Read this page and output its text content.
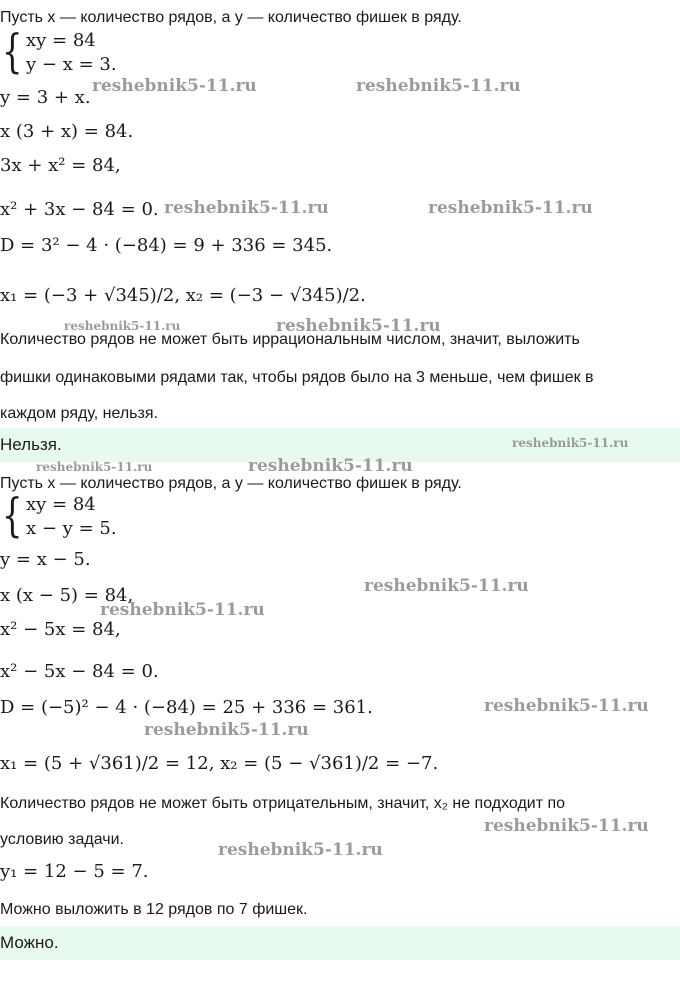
Пусть x — количество рядов, а y — количество фишек в ряду.
{ xy = 84
y − x = 3.
y = 3 + x.
x (3 + x) = 84.
3x + x² = 84,
x² + 3x − 84 = 0.
D = 3² − 4 · (−84) = 9 + 336 = 345.
x₁ = (−3 + √345)/2, x₂ = (−3 − √345)/2.
Количество рядов не может быть иррациональным числом, значит, выложить
фишки одинаковыми рядами так, чтобы рядов было на 3 меньше, чем фишек в
каждом ряду, нельзя.
Нельзя.
Пусть x — количество рядов, а y — количество фишек в ряду.
{ xy = 84
x − y = 5.
y = x − 5.
x (x − 5) = 84,
x² − 5x = 84,
x² − 5x − 84 = 0.
D = (−5)² − 4 · (−84) = 25 + 336 = 361.
x₁ = (5 + √361)/2 = 12, x₂ = (5 − √361)/2 = −7.
Количество рядов не может быть отрицательным, значит, x₂ не подходит по
условию задачи.
y₁ = 12 − 5 = 7.
Можно выложить в 12 рядов по 7 фишек.
Можно.
reshebnik5-11.ru	reshebnik5-11.ru
reshebnik5-11.ru	reshebnik5-11.ru
reshebnik5-11.ru	reshebnik5-11.ru
reshebnik5-11.ru
reshebnik5-11.ru	reshebnik5-11.ru
reshebnik5-11.ru
reshebnik5-11.ru
reshebnik5-11.ru
reshebnik5-11.ru
reshebnik5-11.ru
reshebnik5-11.ru
